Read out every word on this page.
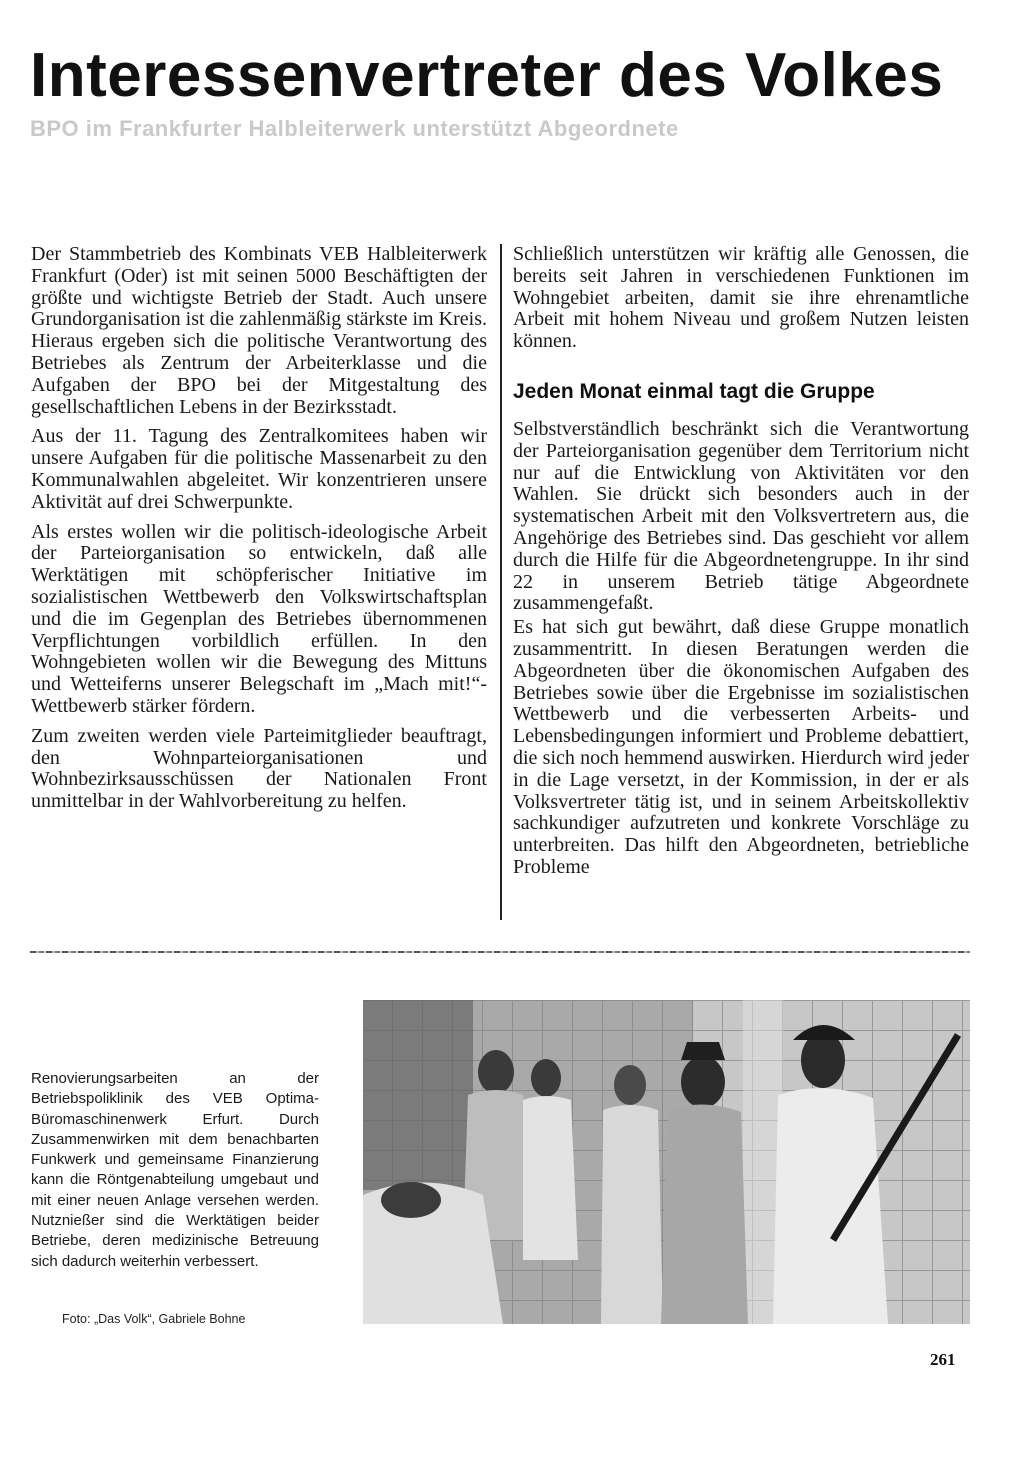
Interessenvertreter des Volkes
BPO im Frankfurter Halbleiterwerk unterstützt Abgeordnete

Der Stammbetrieb des Kombinats VEB Halbleiterwerk Frankfurt (Oder) ist mit seinen 5000 Beschäftigten der größte und wichtigste Betrieb der Stadt. Auch unsere Grundorganisation ist die zahlenmäßig stärkste im Kreis. Hieraus ergeben sich die politische Verantwortung des Betriebes als Zentrum der Arbeiterklasse und die Aufgaben der BPO bei der Mitgestaltung des gesellschaftlichen Lebens in der Bezirksstadt.

Aus der 11. Tagung des Zentralkomitees haben wir unsere Aufgaben für die politische Massenarbeit zu den Kommunalwahlen abgeleitet. Wir konzentrieren unsere Aktivität auf drei Schwerpunkte.

Als erstes wollen wir die politisch-ideologische Arbeit der Parteiorganisation so entwickeln, daß alle Werktätigen mit schöpferischer Initiative im sozialistischen Wettbewerb den Volkswirtschaftsplan und die im Gegenplan des Betriebes übernommenen Verpflichtungen vorbildlich erfüllen. In den Wohngebieten wollen wir die Bewegung des Mittuns und Wetteiferns unserer Belegschaft im „Mach mit!“-Wettbewerb stärker fördern.

Zum zweiten werden viele Parteimitglieder beauftragt, den Wohnparteiorganisationen und Wohnbezirksausschüssen der Nationalen Front unmittelbar in der Wahlvorbereitung zu helfen.

Schließlich unterstützen wir kräftig alle Genossen, die bereits seit Jahren in verschiedenen Funktionen im Wohngebiet arbeiten, damit sie ihre ehrenamtliche Arbeit mit hohem Niveau und großem Nutzen leisten können.

Jeden Monat einmal tagt die Gruppe

Selbstverständlich beschränkt sich die Verantwortung der Parteiorganisation gegenüber dem Territorium nicht nur auf die Entwicklung von Aktivitäten vor den Wahlen. Sie drückt sich besonders auch in der systematischen Arbeit mit den Volksvertretern aus, die Angehörige des Betriebes sind. Das geschieht vor allem durch die Hilfe für die Abgeordnetengruppe. In ihr sind 22 in unserem Betrieb tätige Abgeordnete zusammengefaßt.

Es hat sich gut bewährt, daß diese Gruppe monatlich zusammentritt. In diesen Beratungen werden die Abgeordneten über die ökonomischen Aufgaben des Betriebes sowie über die Ergebnisse im sozialistischen Wettbewerb und die verbesserten Arbeits- und Lebensbedingungen informiert und Probleme debattiert, die sich noch hemmend auswirken. Hierdurch wird jeder in die Lage versetzt, in der Kommission, in der er als Volksvertreter tätig ist, und in seinem Arbeitskollektiv sachkundiger aufzutreten und konkrete Vorschläge zu unterbreiten. Das hilft den Abgeordneten, betriebliche Probleme

Renovierungsarbeiten an der Betriebspoliklinik des VEB Optima-Büromaschinenwerk Erfurt. Durch Zusammenwirken mit dem benachbarten Funkwerk und gemeinsame Finanzierung kann die Röntgenabteilung umgebaut und mit einer neuen Anlage versehen werden. Nutznießer sind die Werktätigen beider Betriebe, deren medizinische Betreuung sich dadurch weiterhin verbessert.
Foto: „Das Volk“, Gabriele Bohne
261
